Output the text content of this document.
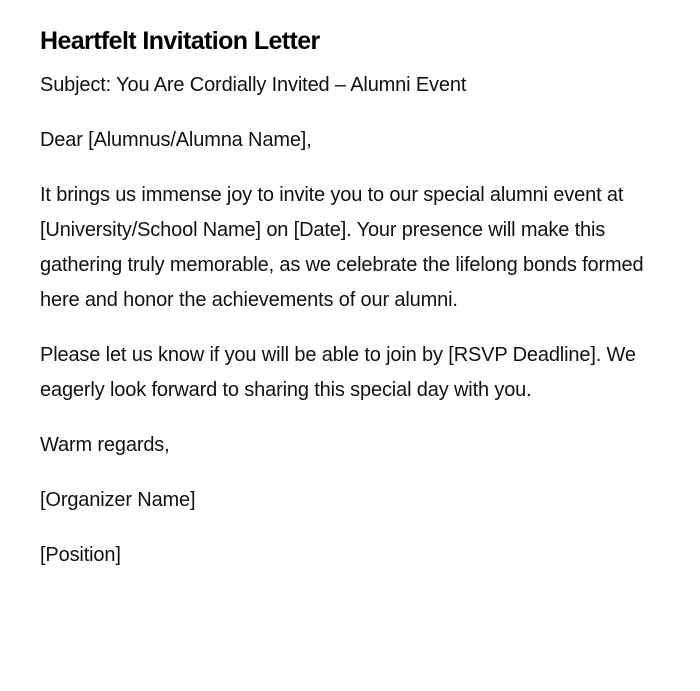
Heartfelt Invitation Letter

Subject: You Are Cordially Invited – Alumni Event

Dear [Alumnus/Alumna Name],

It brings us immense joy to invite you to our special alumni event at [University/School Name] on [Date]. Your presence will make this gathering truly memorable, as we celebrate the lifelong bonds formed here and honor the achievements of our alumni.

Please let us know if you will be able to join by [RSVP Deadline]. We eagerly look forward to sharing this special day with you.

Warm regards,

[Organizer Name]

[Position]
